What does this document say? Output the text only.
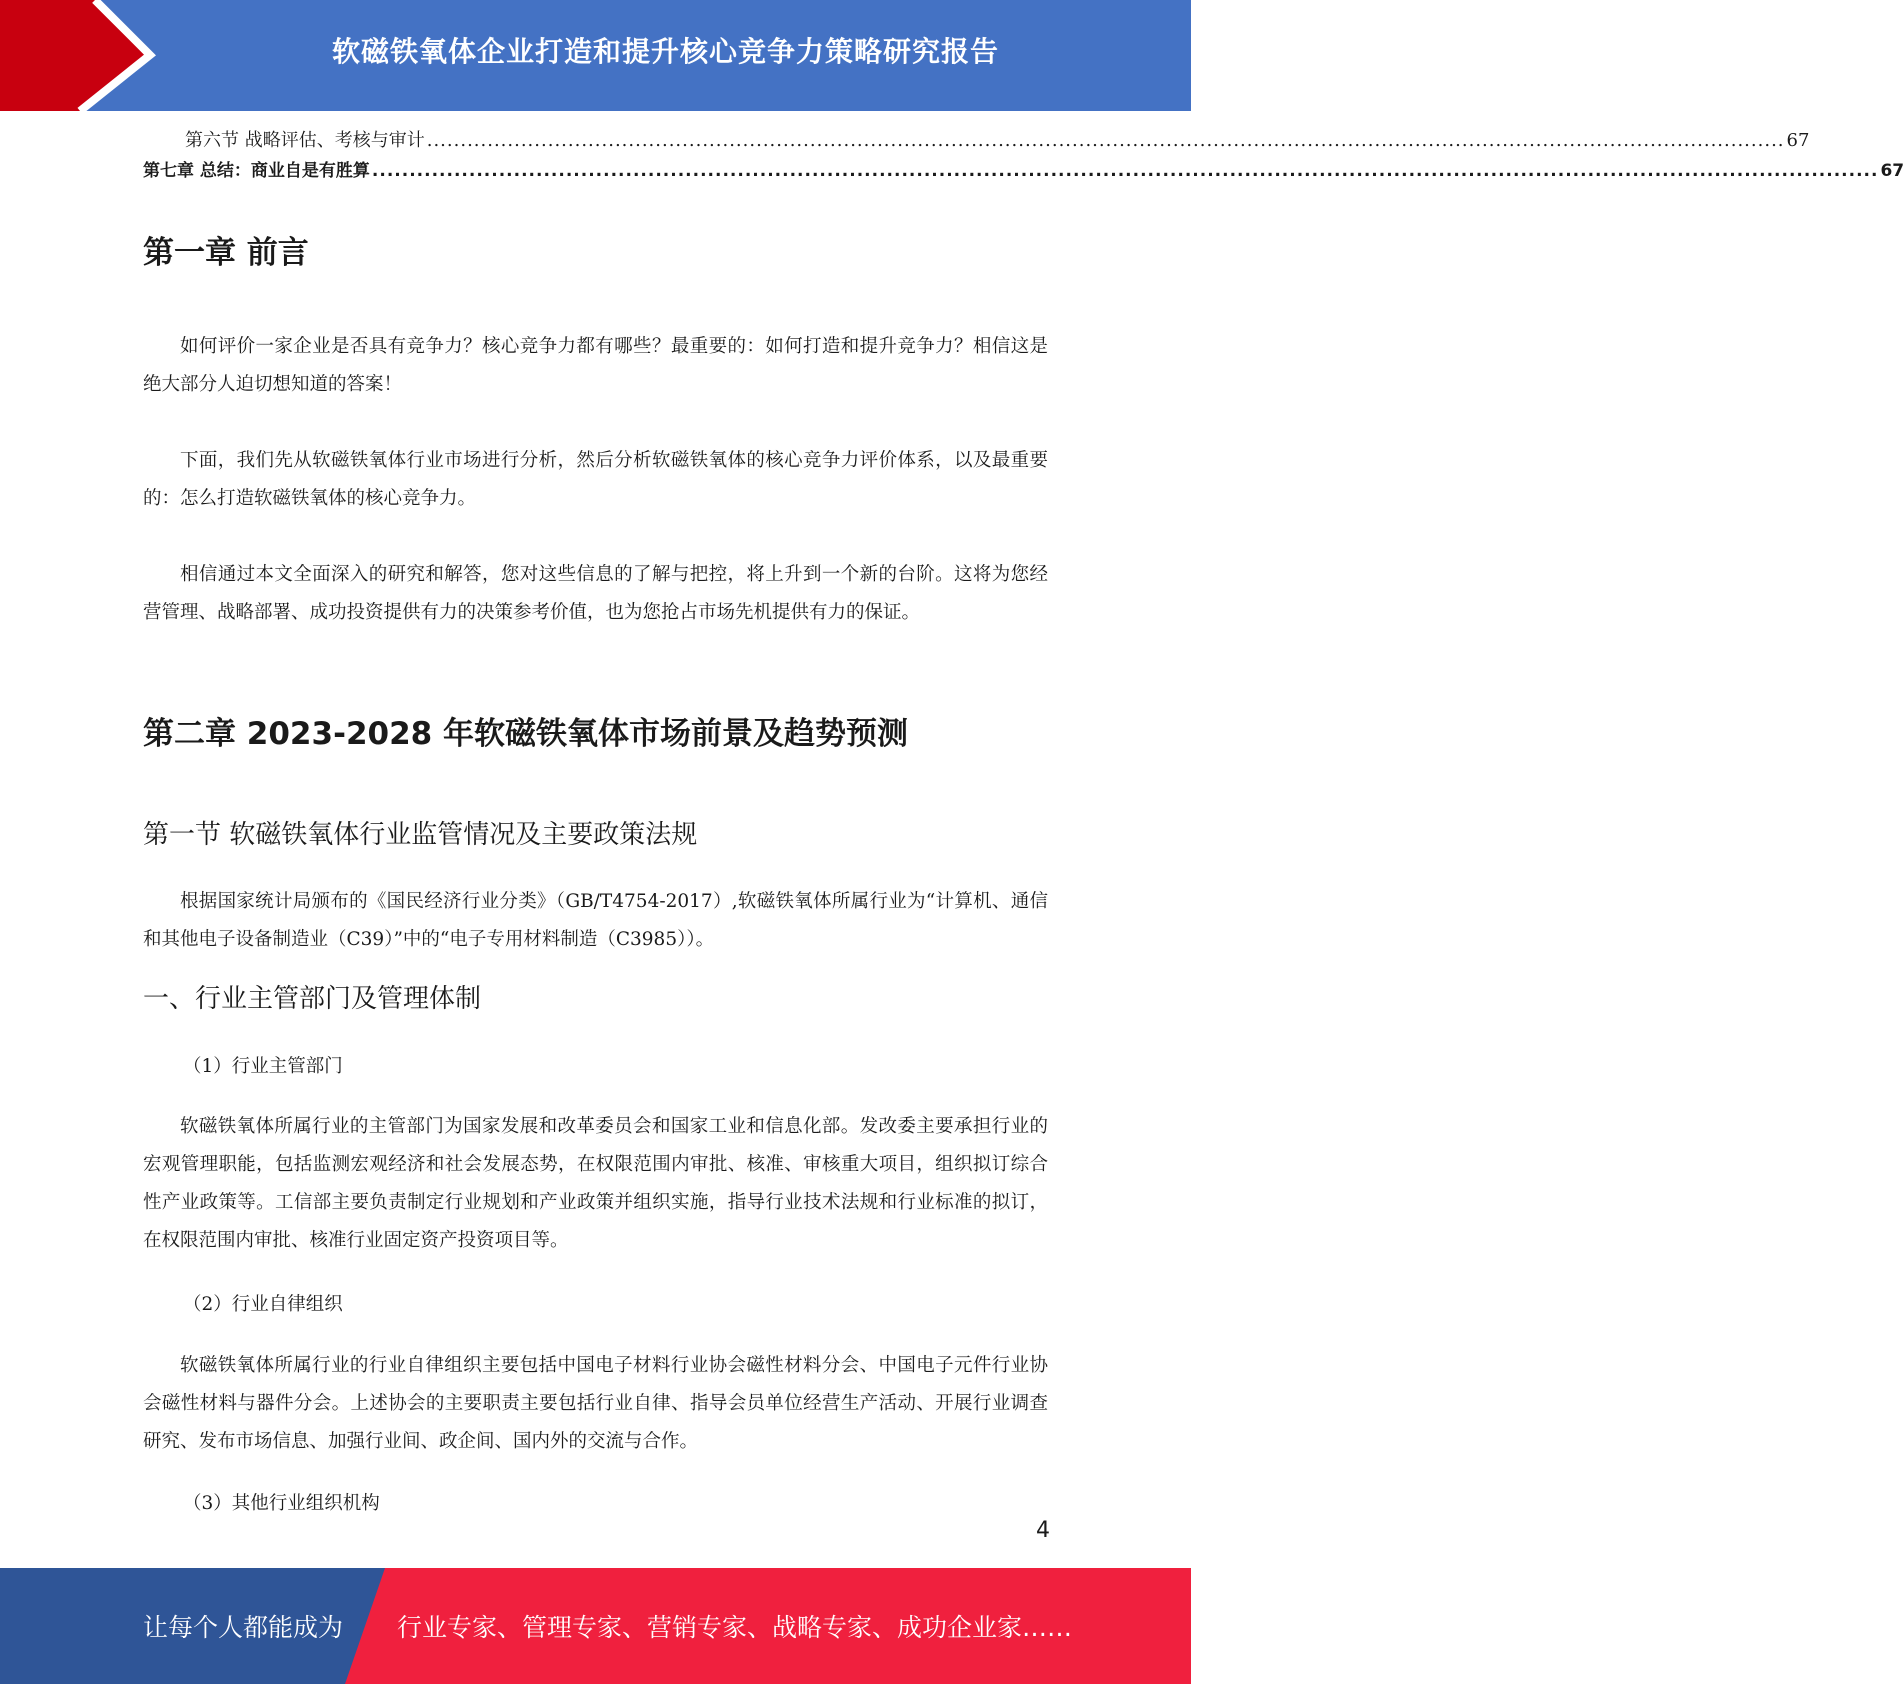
软磁铁氧体企业打造和提升核心竞争力策略研究报告
第六节 战略评估、考核与审计 .......................................................................................................................................................................................................... 67
第七章 总结：商业自是有胜算 .......................................................................................................................................................................................................... 67
第一章 前言

如何评价一家企业是否具有竞争力？核心竞争力都有哪些？最重要的：如何打造和提升竞争力？相信这是绝大部分人迫切想知道的答案！

下面，我们先从软磁铁氧体行业市场进行分析，然后分析软磁铁氧体的核心竞争力评价体系，以及最重要的：怎么打造软磁铁氧体的核心竞争力。

相信通过本文全面深入的研究和解答，您对这些信息的了解与把控，将上升到一个新的台阶。这将为您经营管理、战略部署、成功投资提供有力的决策参考价值，也为您抢占市场先机提供有力的保证。

第二章 2023-2028 年软磁铁氧体市场前景及趋势预测
第一节 软磁铁氧体行业监管情况及主要政策法规

根据国家统计局颁布的《国民经济行业分类》（GB/T4754-2017）,软磁铁氧体所属行业为“计算机、通信和其他电子设备制造业（C39）”中的“电子专用材料制造（C3985））。

一、行业主管部门及管理体制

（1）行业主管部门

软磁铁氧体所属行业的主管部门为国家发展和改革委员会和国家工业和信息化部。发改委主要承担行业的宏观管理职能，包括监测宏观经济和社会发展态势，在权限范围内审批、核准、审核重大项目，组织拟订综合性产业政策等。工信部主要负责制定行业规划和产业政策并组织实施，指导行业技术法规和行业标准的拟订，在权限范围内审批、核准行业固定资产投资项目等。

（2）行业自律组织

软磁铁氧体所属行业的行业自律组织主要包括中国电子材料行业协会磁性材料分会、中国电子元件行业协会磁性材料与器件分会。上述协会的主要职责主要包括行业自律、指导会员单位经营生产活动、开展行业调查研究、发布市场信息、加强行业间、政企间、国内外的交流与合作。

（3）其他行业组织机构

4
让每个人都能成为 行业专家、管理专家、营销专家、战略专家、成功企业家……
